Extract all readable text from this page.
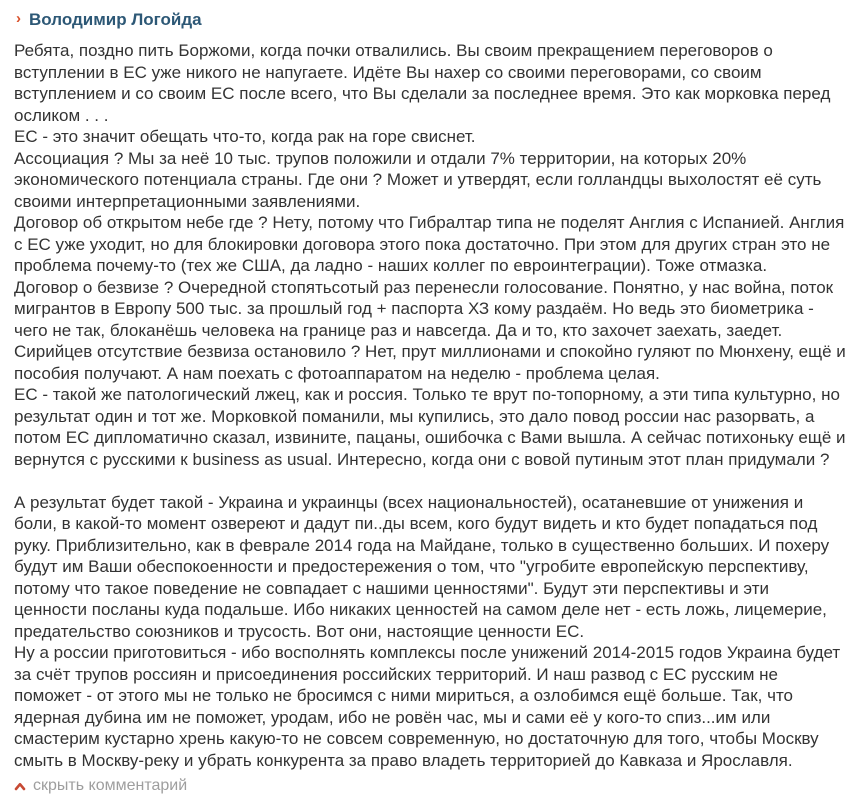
› Володимир Логойда
Ребята, поздно пить Боржоми, когда почки отвалились. Вы своим прекращением переговоров о вступлении в ЕС уже никого не напугаете. Идёте Вы нахер со своими переговорами, со своим вступлением и со своим ЕС после всего, что Вы сделали за последнее время. Это как морковка перед осликом . . .
ЕС - это значит обещать что-то, когда рак на горе свиснет.
Ассоциация ? Мы за неё 10 тыс. трупов положили и отдали 7% территории, на которых 20% экономического потенциала страны. Где они ? Может и утвердят, если голландцы выхолостят её суть своими интерпретационными заявлениями.
Договор об открытом небе где ? Нету, потому что Гибралтар типа не поделят Англия с Испанией. Англия с ЕС уже уходит, но для блокировки договора этого пока достаточно. При этом для других стран это не проблема почему-то (тех же США, да ладно - наших коллег по евроинтеграции). Тоже отмазка.
Договор о безвизе ? Очередной стопятьсотый раз перенесли голосование. Понятно, у нас война, поток мигрантов в Европу 500 тыс. за прошлый год + паспорта ХЗ кому раздаём. Но ведь это биометрика - чего не так, блоканёшь человека на границе раз и навсегда. Да и то, кто захочет заехать, заедет. Сирийцев отсутствие безвиза остановило ? Нет, прут миллионами и спокойно гуляют по Мюнхену, ещё и пособия получают. А нам поехать с фотоаппаратом на неделю - проблема целая.
ЕС - такой же патологический лжец, как и россия. Только те врут по-топорному, а эти типа культурно, но результат один и тот же. Морковкой поманили, мы купились, это дало повод россии нас разорвать, а потом ЕС дипломатично сказал, извините, пацаны, ошибочка с Вами вышла. А сейчас потихоньку ещё и вернутся с русскими к business as usual. Интересно, когда они с вовой путиным этот план придумали ?
А результат будет такой - Украина и украинцы (всех национальностей), осатаневшие от унижения и боли, в какой-то момент озвереют и дадут пи..ды всем, кого будут видеть и кто будет попадаться под руку. Приблизительно, как в феврале 2014 года на Майдане, только в существенно больших. И похеру будут им Ваши обеспокоенности и предостережения о том, что "угробите европейскую перспективу, потому что такое поведение не совпадает с нашими ценностями". Будут эти перспективы и эти ценности посланы куда подальше. Ибо никаких ценностей на самом деле нет - есть ложь, лицемерие, предательство союзников и трусость. Вот они, настоящие ценности ЕС.
Ну а россии приготовиться - ибо восполнять комплексы после унижений 2014-2015 годов Украина будет за счёт трупов россиян и присоединения российских территорий. И наш развод с ЕС русским не поможет - от этого мы не только не бросимся с ними мириться, а озлобимся ещё больше. Так, что ядерная дубина им не поможет, уродам, ибо не ровён час, мы и сами её у кого-то спиз...им или смастерим кустарно хрень какую-то не совсем современную, но достаточную для того, чтобы Москву смыть в Москву-реку и убрать конкурента за право владеть территорией до Кавказа и Ярославля.
скрыть комментарий
